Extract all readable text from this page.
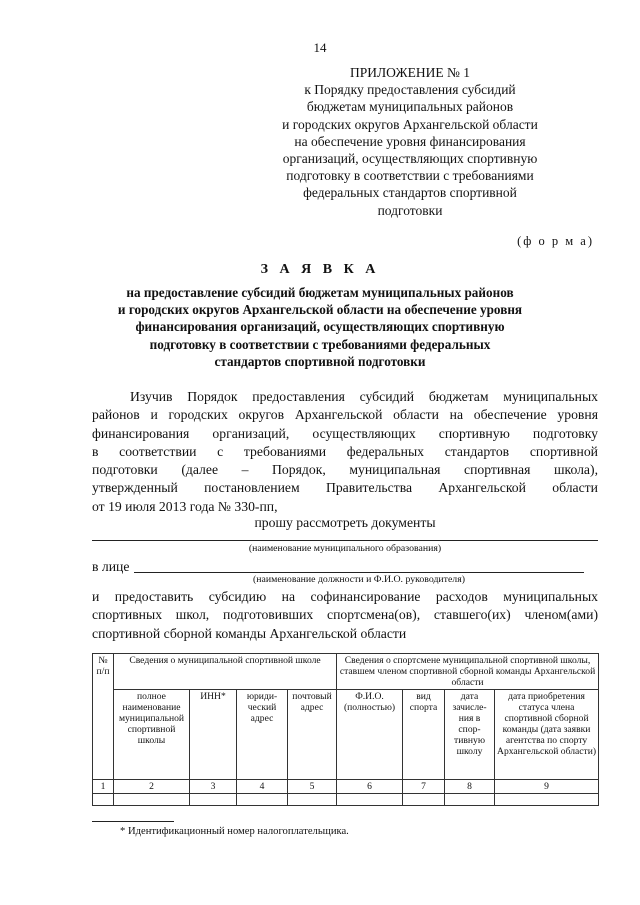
14
ПРИЛОЖЕНИЕ № 1
к Порядку предоставления субсидий
бюджетам муниципальных районов
и городских округов Архангельской области
на обеспечение уровня финансирования
организаций, осуществляющих спортивную
подготовку в соответствии с требованиями
федеральных стандартов спортивной
подготовки
(ф о р м а)
З А Я В К А
на предоставление субсидий бюджетам муниципальных районов
и городских округов Архангельской области на обеспечение уровня
финансирования организаций, осуществляющих спортивную
подготовку в соответствии с требованиями федеральных
стандартов спортивной подготовки
Изучив Порядок предоставления субсидий бюджетам муниципальных
районов и городских округов Архангельской области на обеспечение уровня
финансирования организаций, осуществляющих спортивную подготовку
в соответствии с требованиями федеральных стандартов спортивной
подготовки (далее – Порядок, муниципальная спортивная школа),
утвержденный постановлением Правительства Архангельской области
от 19 июля 2013 года № 330-пп,
прошу рассмотреть документы
(наименование муниципального образования)
в лице
(наименование должности и Ф.И.О. руководителя)
и предоставить субсидию на софинансирование расходов муниципальных
спортивных школ, подготовивших спортсмена(ов), ставшего(их) членом(ами)
спортивной сборной команды Архангельской области
№ п/п	Сведения о муниципальной спортивной школе				Сведения о спортсмене муниципальной спортивной школы, ставшем членом спортивной сборной команды Архангельской области			
	полное наименование муниципальной спортивной школы	ИНН*	юриди-ческий адрес	почтовый адрес	Ф.И.О. (полностью)	вид спорта	дата зачисле-ния в спор-тивную школу	дата приобретения статуса члена спортивной сборной команды (дата заявки агентства по спорту Архангельской области)
1	2	3	4	5	6	7	8	9

* Идентификационный номер налогоплательщика.
